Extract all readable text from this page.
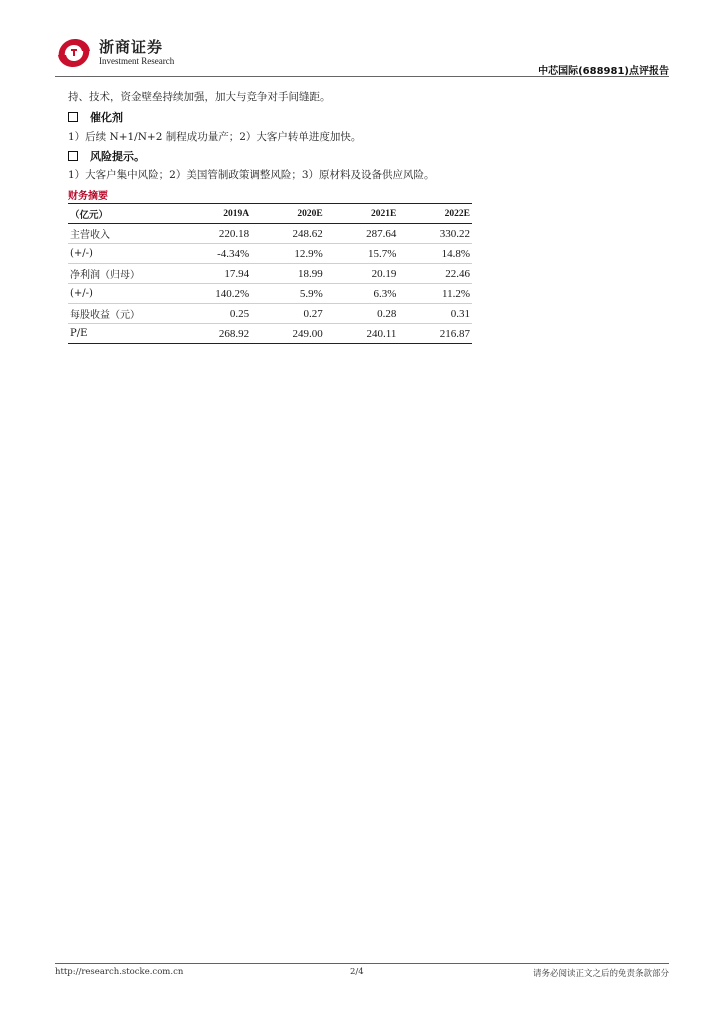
浙商证券
Investment Research
中芯国际(688981)点评报告
持、技术，资金壁垒持续加强，加大与竞争对手间缝距。
催化剂
1）后续 N+1/N+2 制程成功量产；2）大客户转单进度加快。
风险提示。
1）大客户集中风险；2）美国管制政策调整风险；3）原材料及设备供应风险。
财务摘要
（亿元）	2019A	2020E	2021E	2022E
主营收入	220.18	248.62	287.64	330.22
(+/-)	-4.34%	12.9%	15.7%	14.8%
净利润（归母）	17.94	18.99	20.19	22.46
(+/-)	140.2%	5.9%	6.3%	11.2%
每股收益（元）	0.25	0.27	0.28	0.31
P/E	268.92	249.00	240.11	216.87
http://research.stocke.com.cn	2/4	请务必阅读正文之后的免责条款部分
